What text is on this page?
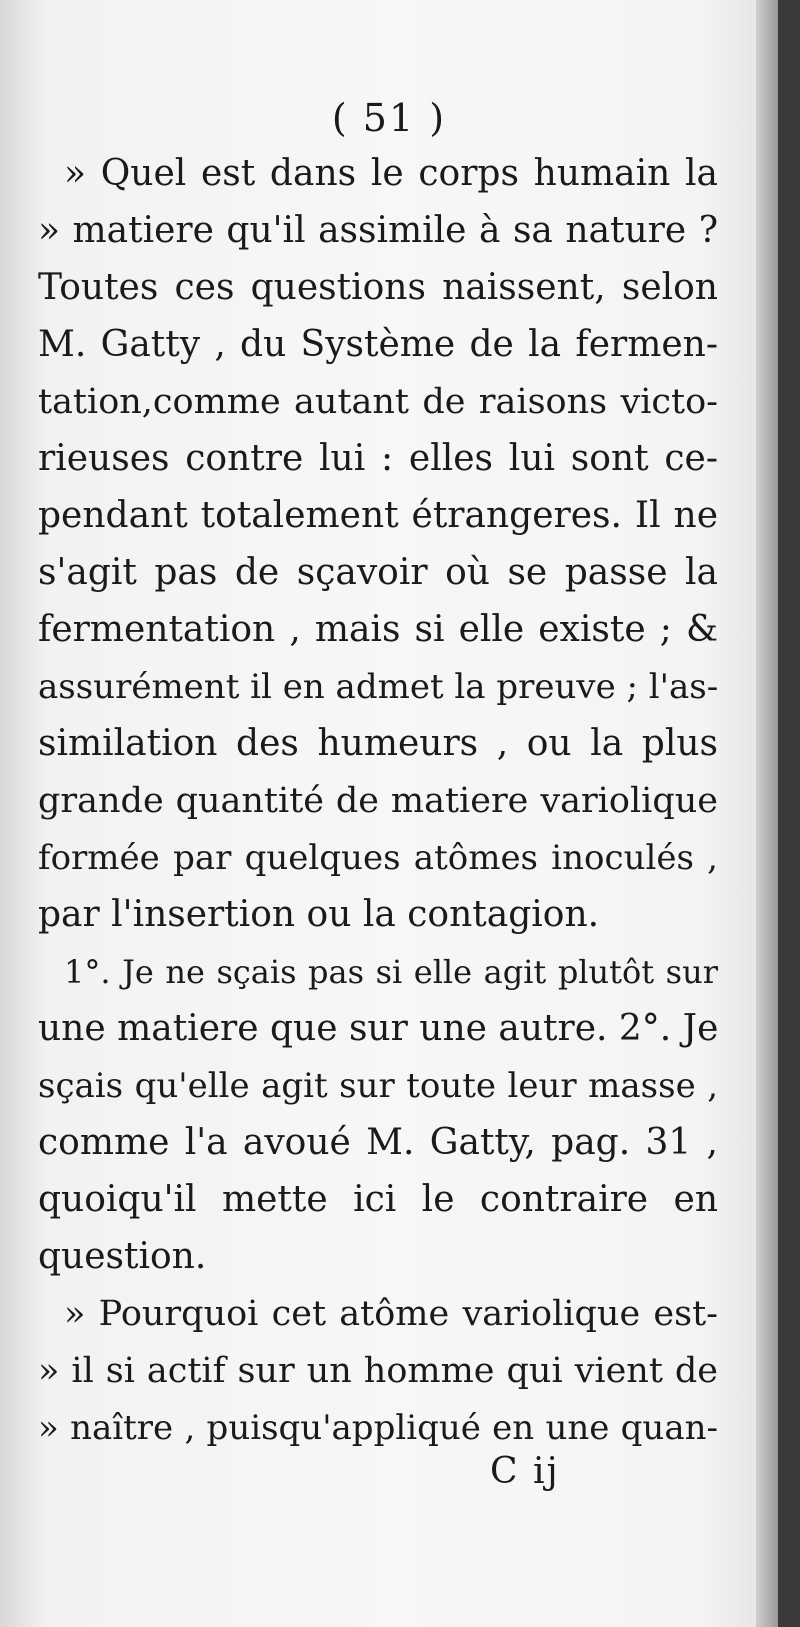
( 51 )
» Quel est dans le corps humain la
» matiere qu'il assimile à sa nature ?
Toutes ces questions naissent, selon
M. Gatty , du Système de la fermen-
tation,comme autant de raisons victo-
rieuses contre lui : elles lui sont ce-
pendant totalement étrangeres. Il ne
s'agit pas de sçavoir où se passe la
fermentation , mais si elle existe ; &
assurément il en admet la preuve ; l'as-
similation des humeurs , ou la plus
grande quantité de matiere variolique
formée par quelques atômes inoculés ,
par l'insertion ou la contagion.
1°. Je ne sçais pas si elle agit plutôt sur
une matiere que sur une autre. 2°. Je
sçais qu'elle agit sur toute leur masse ,
comme l'a avoué M. Gatty, pag. 31 ,
quoiqu'il mette ici le contraire en
question.
» Pourquoi cet atôme variolique est-
» il si actif sur un homme qui vient de
» naître , puisqu'appliqué en une quan-
C ij
